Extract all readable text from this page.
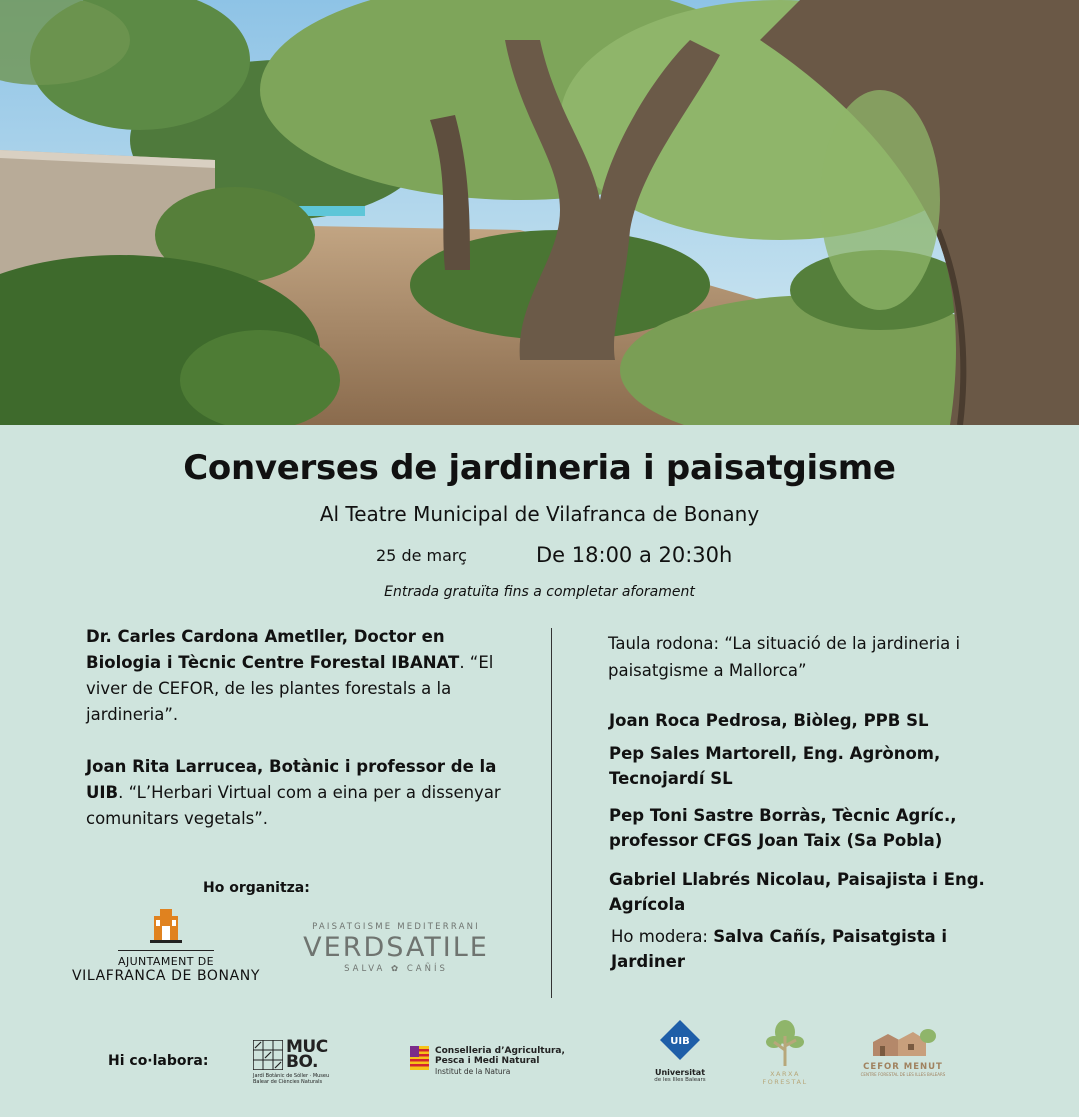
Converses de jardineria i paisatgisme
Al Teatre Municipal de Vilafranca de Bonany
25 de març	De 18:00 a 20:30h
Entrada gratuïta fins a completar aforament
Dr. Carles Cardona Ametller, Doctor en Biologia i Tècnic Centre Forestal IBANAT. “El viver de CEFOR, de les plantes forestals a la jardineria”.
Joan Rita Larrucea, Botànic i professor de la UIB. “L’Herbari Virtual com a eina per a dissenyar comunitars vegetals”.
Taula rodona: “La situació de la jardineria i paisatgisme a Mallorca”
Joan Roca Pedrosa, Biòleg, PPB SL
Pep Sales Martorell, Eng. Agrònom, Tecnojardí SL
Pep Toni Sastre Borràs, Tècnic Agríc., professor CFGS Joan Taix (Sa Pobla)
Gabriel Llabrés Nicolau, Paisajista i Eng. Agrícola
Ho modera: Salva Cañís, Paisatgista i Jardiner
Ho organitza:
AJUNTAMENT DE
VILAFRANCA DE BONANY
PAISATGISME MEDITERRANI
VERDSATILE
SALVA ✿ CAÑÍS
Hi co·labora:
MUC BO.
Jardí Botànic de Sóller · Museu Balear de Ciències Naturals
Conselleria d’Agricultura, Pesca i Medi Natural
Institut de la Natura
UIB
Universitat
de les Illes Balears
XARXA FORESTAL
CEFOR MENUT
CENTRE FORESTAL DE LES ILLES BALEARS
